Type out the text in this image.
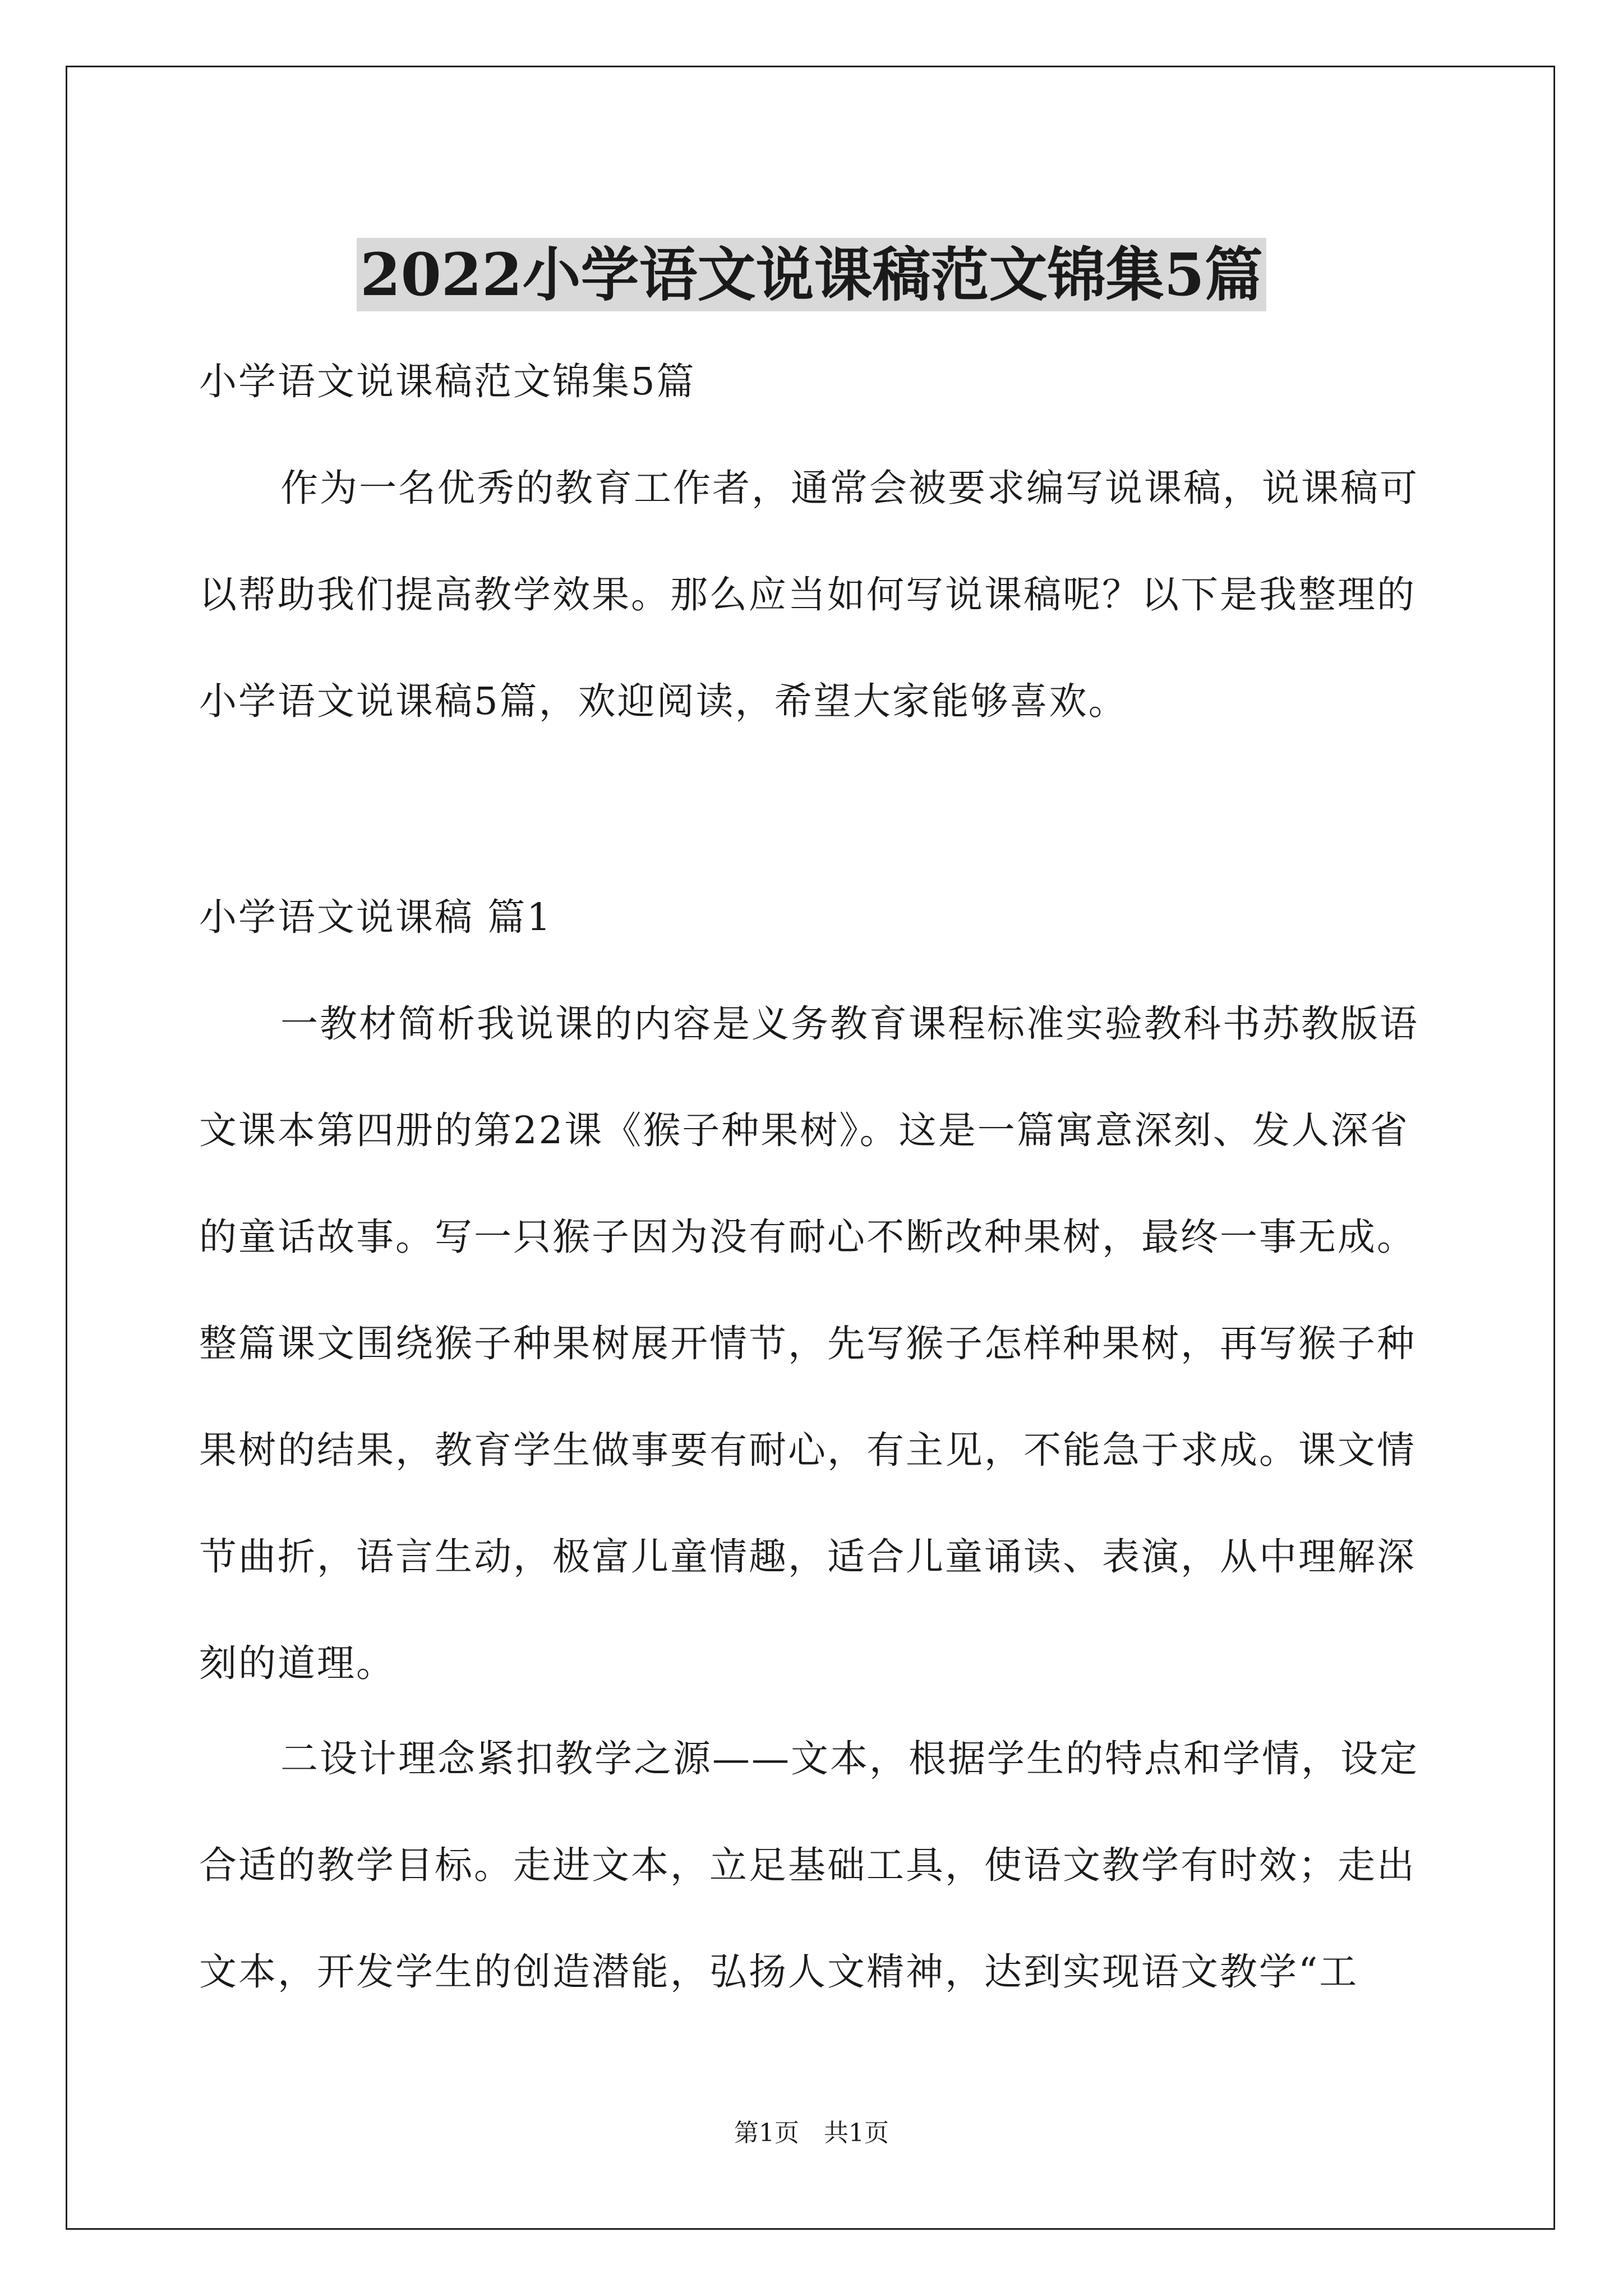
2022小学语文说课稿范文锦集5篇

小学语文说课稿范文锦集5篇

作为一名优秀的教育工作者，通常会被要求编写说课稿，说课稿可以帮助我们提高教学效果。那么应当如何写说课稿呢？以下是我整理的小学语文说课稿5篇，欢迎阅读，希望大家能够喜欢。

小学语文说课稿 篇1

一教材简析我说课的内容是义务教育课程标准实验教科书苏教版语文课本第四册的第22课《猴子种果树》。这是一篇寓意深刻、发人深省的童话故事。写一只猴子因为没有耐心不断改种果树，最终一事无成。整篇课文围绕猴子种果树展开情节，先写猴子怎样种果树，再写猴子种果树的结果，教育学生做事要有耐心，有主见，不能急于求成。课文情节曲折，语言生动，极富儿童情趣，适合儿童诵读、表演，从中理解深刻的道理。

二设计理念紧扣教学之源——文本，根据学生的特点和学情，设定合适的教学目标。走进文本，立足基础工具，使语文教学有时效；走出文本，开发学生的创造潜能，弘扬人文精神，达到实现语文教学“工

第1页　共1页
